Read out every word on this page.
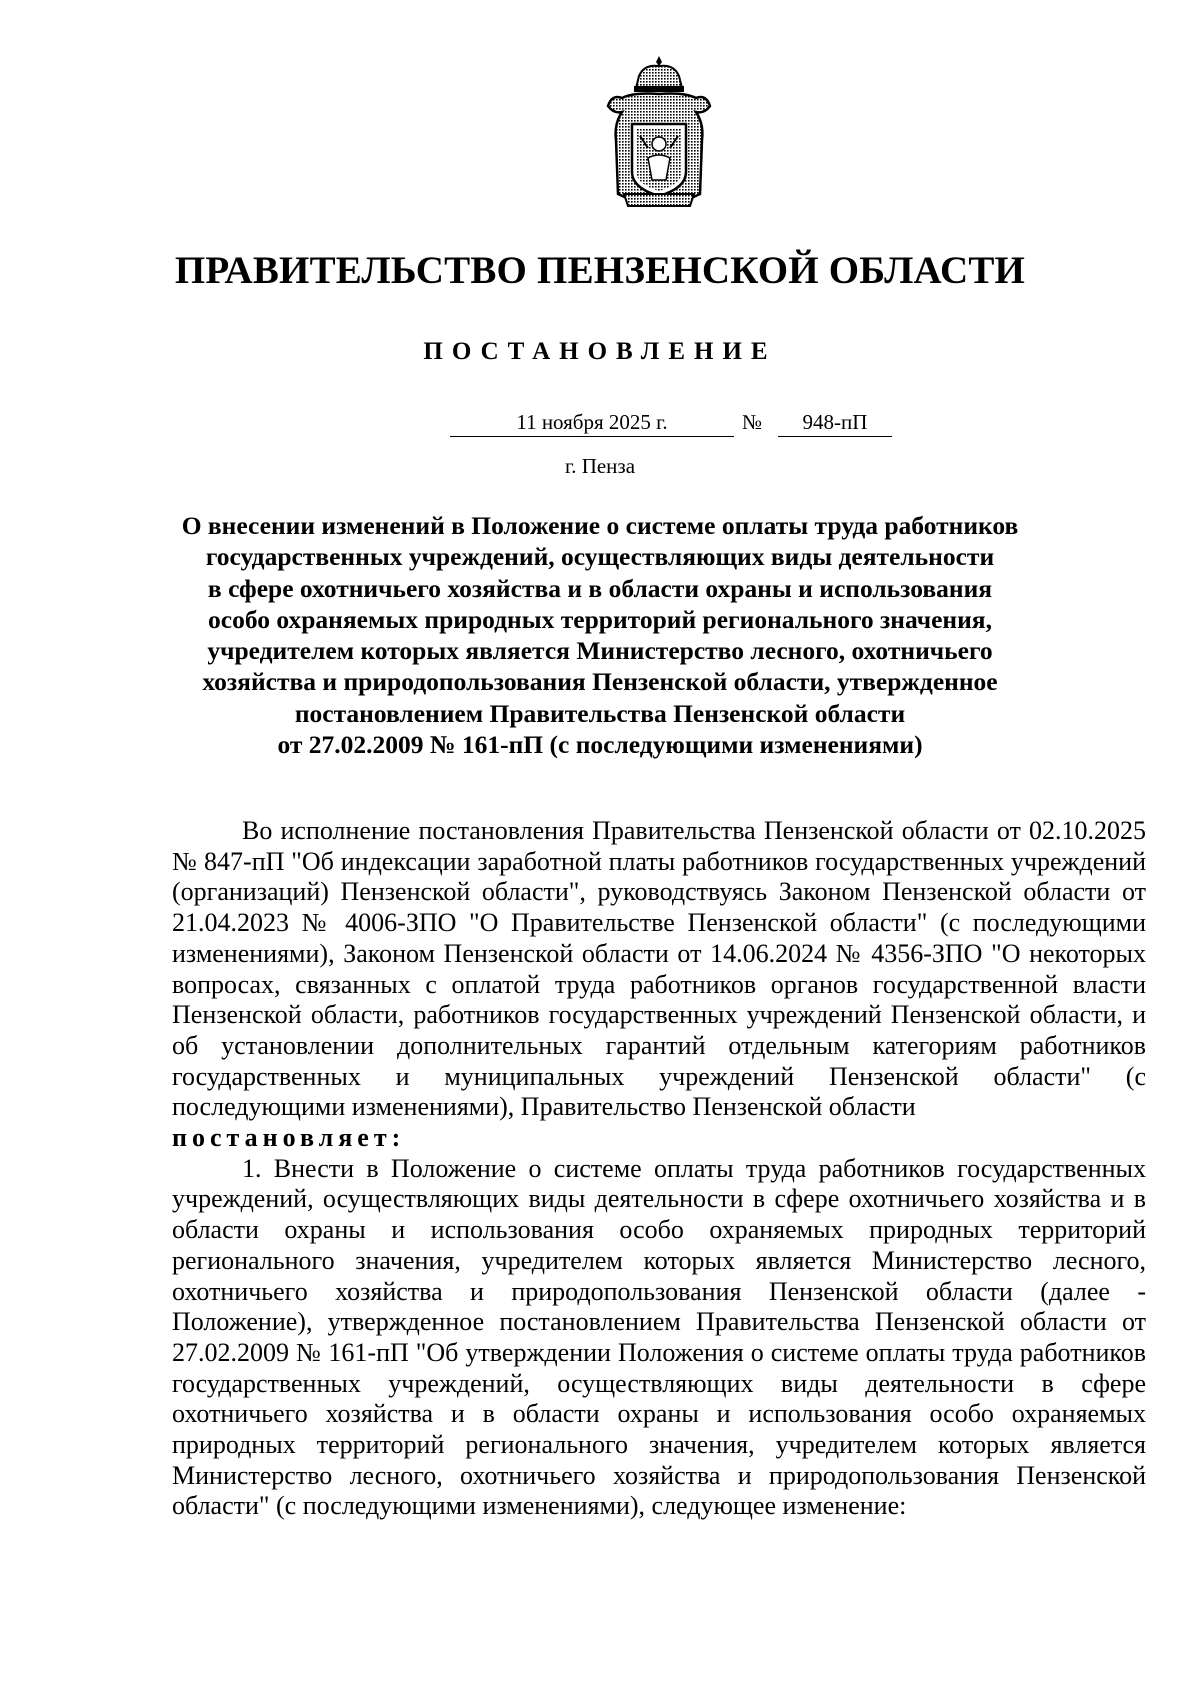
ПРАВИТЕЛЬСТВО ПЕНЗЕНСКОЙ ОБЛАСТИ
ПОСТАНОВЛЕНИЕ
11 ноября 2025 г.	№	948-пП
г. Пенза
О внесении изменений в Положение о системе оплаты труда работников
государственных учреждений, осуществляющих виды деятельности
в сфере охотничьего хозяйства и в области охраны и использования
особо охраняемых природных территорий регионального значения,
учредителем которых является Министерство лесного, охотничьего
хозяйства и природопользования Пензенской области, утвержденное
постановлением Правительства Пензенской области
от 27.02.2009 № 161-пП (с последующими изменениями)

Во исполнение постановления Правительства Пензенской области от 02.10.2025 № 847-пП "Об индексации заработной платы работников государственных учреждений (организаций) Пензенской области", руководствуясь Законом Пензенской области от 21.04.2023 № 4006-ЗПО "О Правительстве Пензенской области" (с последующими изменениями), Законом Пензенской области от 14.06.2024 № 4356-ЗПО "О некоторых вопросах, связанных с оплатой труда работников органов государственной власти Пензенской области, работников государственных учреждений Пензенской области, и об установлении дополнительных гарантий отдельным категориям работников государственных и муниципальных учреждений Пензенской области" (с последующими изменениями), Правительство Пензенской области

постановляет:

1. Внести в Положение о системе оплаты труда работников государственных учреждений, осуществляющих виды деятельности в сфере охотничьего хозяйства и в области охраны и использования особо охраняемых природных территорий регионального значения, учредителем которых является Министерство лесного, охотничьего хозяйства и природопользования Пензенской области (далее - Положение), утвержденное постановлением Правительства Пензенской области от 27.02.2009 № 161-пП "Об утверждении Положения о системе оплаты труда работников государственных учреждений, осуществляющих виды деятельности в сфере охотничьего хозяйства и в области охраны и использования особо охраняемых природных территорий регионального значения, учредителем которых является Министерство лесного, охотничьего хозяйства и природопользования Пензенской области" (с последующими изменениями), следующее изменение:
